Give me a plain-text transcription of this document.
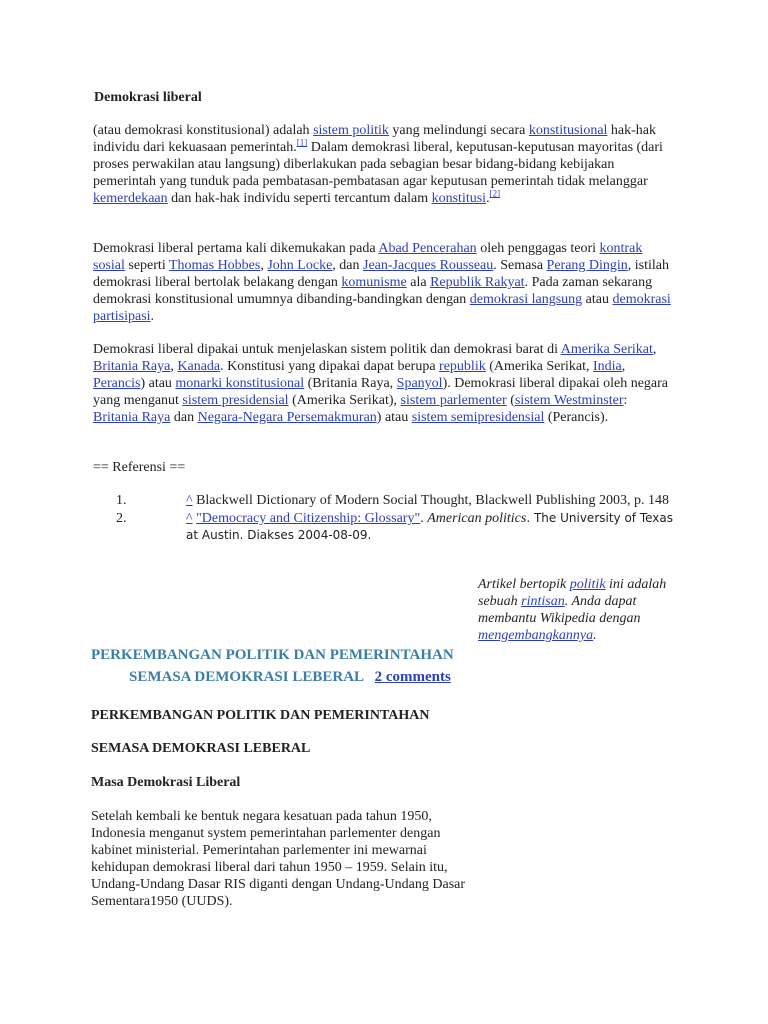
Demokrasi liberal
(atau demokrasi konstitusional) adalah sistem politik yang melindungi secara konstitusional hak-hak individu dari kekuasaan pemerintah.[1] Dalam demokrasi liberal, keputusan-keputusan mayoritas (dari proses perwakilan atau langsung) diberlakukan pada sebagian besar bidang-bidang kebijakan pemerintah yang tunduk pada pembatasan-pembatasan agar keputusan pemerintah tidak melanggar kemerdekaan dan hak-hak individu seperti tercantum dalam konstitusi.[2]
Demokrasi liberal pertama kali dikemukakan pada Abad Pencerahan oleh penggagas teori kontrak sosial seperti Thomas Hobbes, John Locke, dan Jean-Jacques Rousseau. Semasa Perang Dingin, istilah demokrasi liberal bertolak belakang dengan komunisme ala Republik Rakyat. Pada zaman sekarang demokrasi konstitusional umumnya dibanding-bandingkan dengan demokrasi langsung atau demokrasi partisipasi.
Demokrasi liberal dipakai untuk menjelaskan sistem politik dan demokrasi barat di Amerika Serikat, Britania Raya, Kanada. Konstitusi yang dipakai dapat berupa republik (Amerika Serikat, India, Perancis) atau monarki konstitusional (Britania Raya, Spanyol). Demokrasi liberal dipakai oleh negara yang menganut sistem presidensial (Amerika Serikat), sistem parlementer (sistem Westminster: Britania Raya dan Negara-Negara Persemakmuran) atau sistem semipresidensial (Perancis).
== Referensi ==
1.	^ Blackwell Dictionary of Modern Social Thought, Blackwell Publishing 2003, p. 148
2.	^ "Democracy and Citizenship: Glossary". American politics. The University of Texas at Austin. Diakses 2004-08-09.
Artikel bertopik politik ini adalah sebuah rintisan. Anda dapat membantu Wikipedia dengan mengembangkannya.
PERKEMBANGAN POLITIK DAN PEMERINTAHAN
SEMASA DEMOKRASI LEBERAL 2 comments
PERKEMBANGAN POLITIK DAN PEMERINTAHAN
SEMASA DEMOKRASI LEBERAL
Masa Demokrasi Liberal
Setelah kembali ke bentuk negara kesatuan pada tahun 1950, Indonesia menganut system pemerintahan parlementer dengan kabinet ministerial. Pemerintahan parlementer ini mewarnai kehidupan demokrasi liberal dari tahun 1950 – 1959. Selain itu, Undang-Undang Dasar RIS diganti dengan Undang-Undang Dasar Sementara1950 (UUDS).
